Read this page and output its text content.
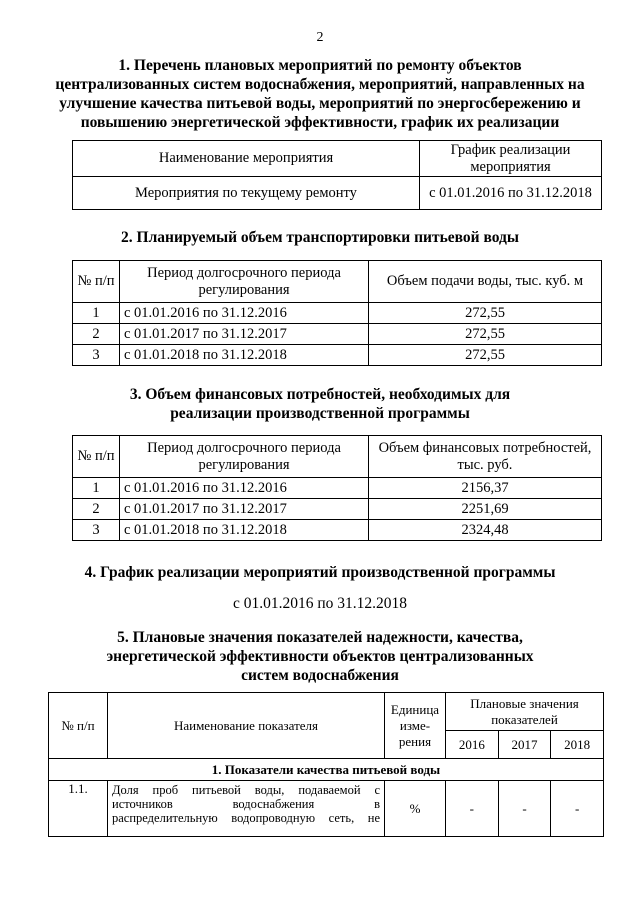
2
1. Перечень плановых мероприятий по ремонту объектов
централизованных систем водоснабжения, мероприятий, направленных на
улучшение качества питьевой воды, мероприятий по энергосбережению и
повышению энергетической эффективности, график их реализации
Наименование мероприятия	График реализации мероприятия
Мероприятия по текущему ремонту	с 01.01.2016 по 31.12.2018
2. Планируемый объем транспортировки питьевой воды
№ п/п	Период долгосрочного периода регулирования	Объем подачи воды, тыс. куб. м
1	с 01.01.2016 по 31.12.2016	272,55
2	с 01.01.2017 по 31.12.2017	272,55
3	с 01.01.2018 по 31.12.2018	272,55
3. Объем финансовых потребностей, необходимых для
реализации производственной программы
№ п/п	Период долгосрочного периода регулирования	Объем финансовых потребностей, тыс. руб.
1	с 01.01.2016 по 31.12.2016	2156,37
2	с 01.01.2017 по 31.12.2017	2251,69
3	с 01.01.2018 по 31.12.2018	2324,48
4. График реализации мероприятий производственной программы
с 01.01.2016 по 31.12.2018
5. Плановые значения показателей надежности, качества,
энергетической эффективности объектов централизованных
систем водоснабжения
№ п/п	Наименование показателя	Единица изме- рения	Плановые значения показателей		
			2016	2017	2018
1. Показатели качества питьевой воды					
1.1.	Доля проб питьевой воды, подаваемой с
источников водоснабжения в
распределительную водопроводную сеть, не	%	-	-	-
